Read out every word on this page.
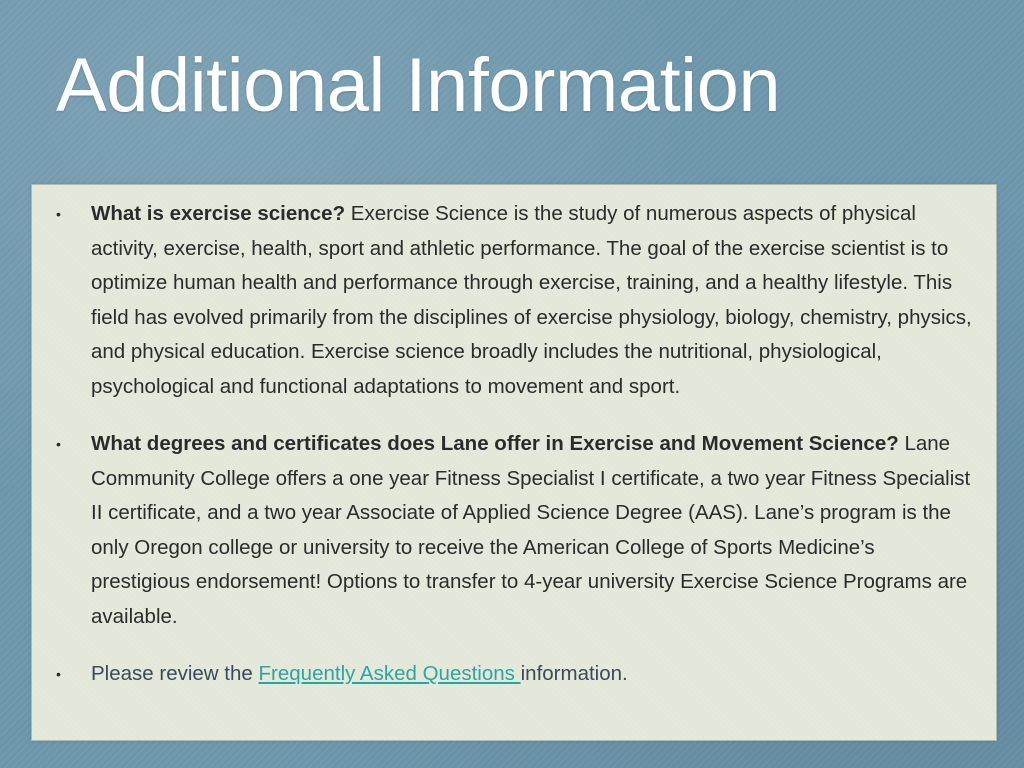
Additional Information
• What is exercise science? Exercise Science is the study of numerous aspects of physical activity, exercise, health, sport and athletic performance. The goal of the exercise scientist is to optimize human health and performance through exercise, training, and a healthy lifestyle. This field has evolved primarily from the disciplines of exercise physiology, biology, chemistry, physics, and physical education. Exercise science broadly includes the nutritional, physiological, psychological and functional adaptations to movement and sport.
• What degrees and certificates does Lane offer in Exercise and Movement Science? Lane Community College offers a one year Fitness Specialist I certificate, a two year Fitness Specialist II certificate, and a two year Associate of Applied Science Degree (AAS). Lane’s program is the only Oregon college or university to receive the American College of Sports Medicine’s prestigious endorsement! Options to transfer to 4-year university Exercise Science Programs are available.
• Please review the Frequently Asked Questions information.
